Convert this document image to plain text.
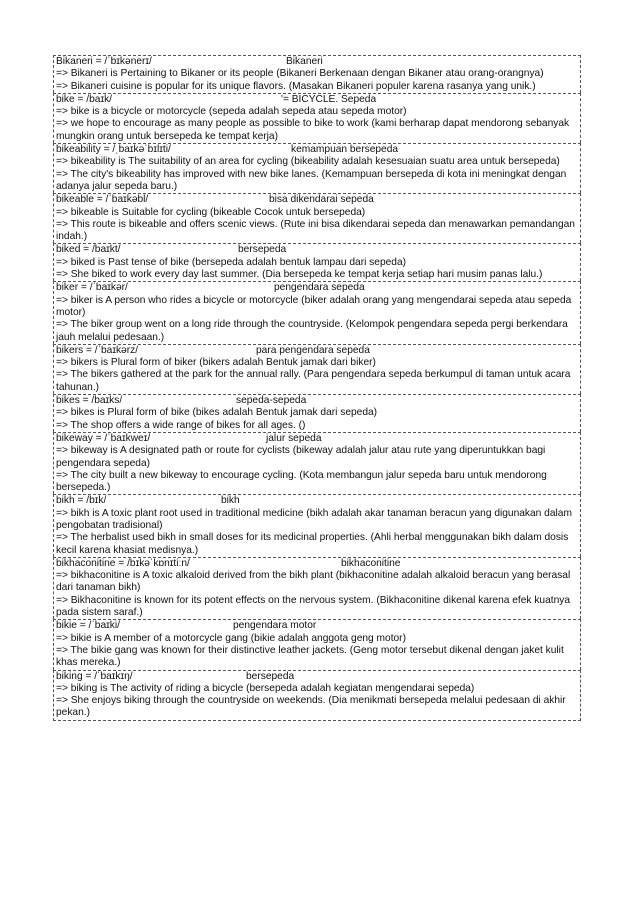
Bikaneri = /ˈbɪkənerɪ/	Bikaneri
=> Bikaneri is Pertaining to Bikaner or its people (Bikaneri Berkenaan dengan Bikaner atau orang-orangnya)
=> Bikaneri cuisine is popular for its unique flavors. (Masakan Bikaneri populer karena rasanya yang unik.)
bike = /baɪk/	'= BICYCLE. Sepeda
=> bike is a bicycle or motorcycle (sepeda adalah sepeda atau sepeda motor)
=> we hope to encourage as many people as possible to bike to work (kami berharap dapat mendorong sebanyak mungkin orang untuk bersepeda ke tempat kerja)
bikeability = /ˌbaɪkəˈbɪlɪti/	kemampuan bersepeda
=> bikeability is The suitability of an area for cycling (bikeability adalah kesesuaian suatu area untuk bersepeda)
=> The city's bikeability has improved with new bike lanes. (Kemampuan bersepeda di kota ini meningkat dengan adanya jalur sepeda baru.)
bikeable = /ˈbaɪkəbl/	bisa dikendarai sepeda
=> bikeable is Suitable for cycling (bikeable Cocok untuk bersepeda)
=> This route is bikeable and offers scenic views. (Rute ini bisa dikendarai sepeda dan menawarkan pemandangan indah.)
biked = /baɪkt/	bersepeda
=> biked is Past tense of bike (bersepeda adalah bentuk lampau dari sepeda)
=> She biked to work every day last summer. (Dia bersepeda ke tempat kerja setiap hari musim panas lalu.)
biker = /ˈbaɪkər/	pengendara sepeda
=> biker is A person who rides a bicycle or motorcycle (biker adalah orang yang mengendarai sepeda atau sepeda motor)
=> The biker group went on a long ride through the countryside. (Kelompok pengendara sepeda pergi berkendara jauh melalui pedesaan.)
bikers = /ˈbaɪkərz/	para pengendara sepeda
=> bikers is Plural form of biker (bikers adalah Bentuk jamak dari biker)
=> The bikers gathered at the park for the annual rally. (Para pengendara sepeda berkumpul di taman untuk acara tahunan.)
bikes = /baɪks/	sepeda-sepeda
=> bikes is Plural form of bike (bikes adalah Bentuk jamak dari sepeda)
=> The shop offers a wide range of bikes for all ages. ()
bikeway = /ˈbaɪkweɪ/	jalur sepeda
=> bikeway is A designated path or route for cyclists (bikeway adalah jalur atau rute yang diperuntukkan bagi pengendara sepeda)
=> The city built a new bikeway to encourage cycling. (Kota membangun jalur sepeda baru untuk mendorong bersepeda.)
bikh = /bɪk/	bikh
=> bikh is A toxic plant root used in traditional medicine (bikh adalah akar tanaman beracun yang digunakan dalam pengobatan tradisional)
=> The herbalist used bikh in small doses for its medicinal properties. (Ahli herbal menggunakan bikh dalam dosis kecil karena khasiat medisnya.)
bikhaconitine = /bɪkəˈkɒnɪtiːn/	bikhaconitine
=> bikhaconitine is A toxic alkaloid derived from the bikh plant (bikhaconitine adalah alkaloid beracun yang berasal dari tanaman bikh)
=> Bikhaconitine is known for its potent effects on the nervous system. (Bikhaconitine dikenal karena efek kuatnya pada sistem saraf.)
bikie = /ˈbaɪki/	pengendara motor
=> bikie is A member of a motorcycle gang (bikie adalah anggota geng motor)
=> The bikie gang was known for their distinctive leather jackets. (Geng motor tersebut dikenal dengan jaket kulit khas mereka.)
biking = /ˈbaɪkɪŋ/	bersepeda
=> biking is The activity of riding a bicycle (bersepeda adalah kegiatan mengendarai sepeda)
=> She enjoys biking through the countryside on weekends. (Dia menikmati bersepeda melalui pedesaan di akhir pekan.)
